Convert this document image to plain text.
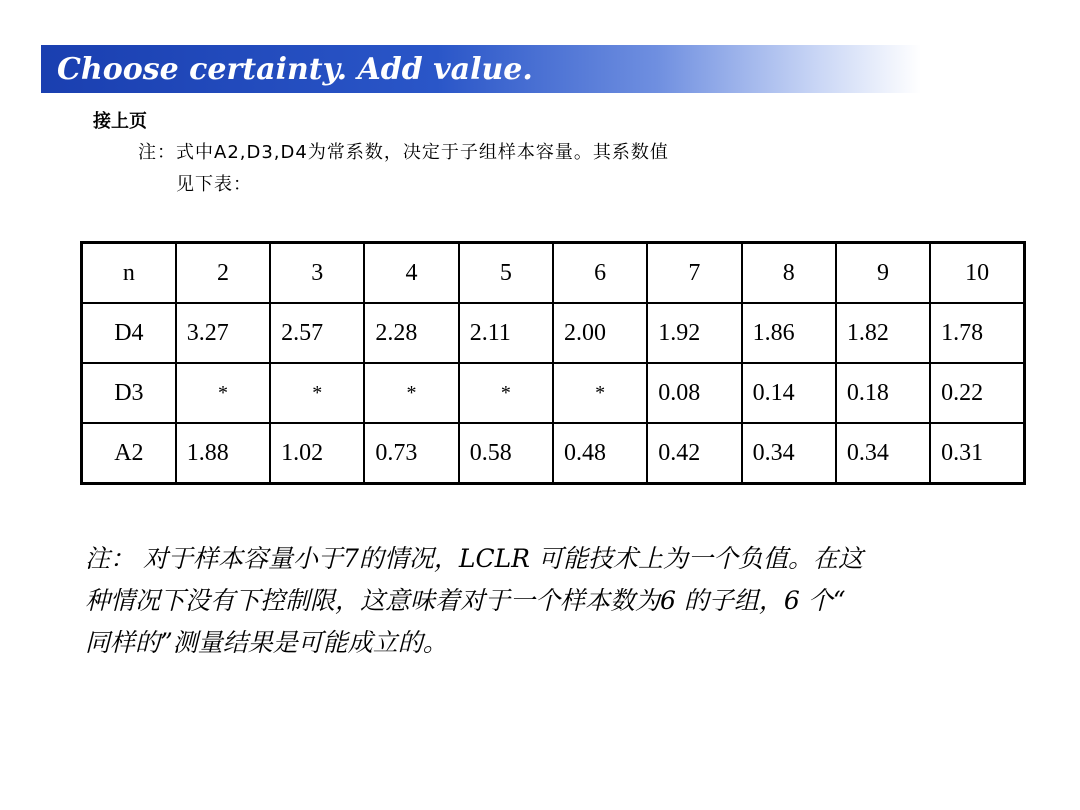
Choose certainty. Add value.
接上页
注：式中A2,D3,D4为常系数，决定于子组样本容量。其系数值
见下表：
n	2	3	4	5	6	7	8	9	10
D4	3.27	2.57	2.28	2.11	2.00	1.92	1.86	1.82	1.78
D3	*	*	*	*	*	0.08	0.14	0.18	0.22
A2	1.88	1.02	0.73	0.58	0.48	0.42	0.34	0.34	0.31
注： 对于样本容量小于7的情况，LCLR 可能技术上为一个负值。在这
种情况下没有下控制限，这意味着对于一个样本数为6 的子组，6 个“
同样的”测量结果是可能成立的。
